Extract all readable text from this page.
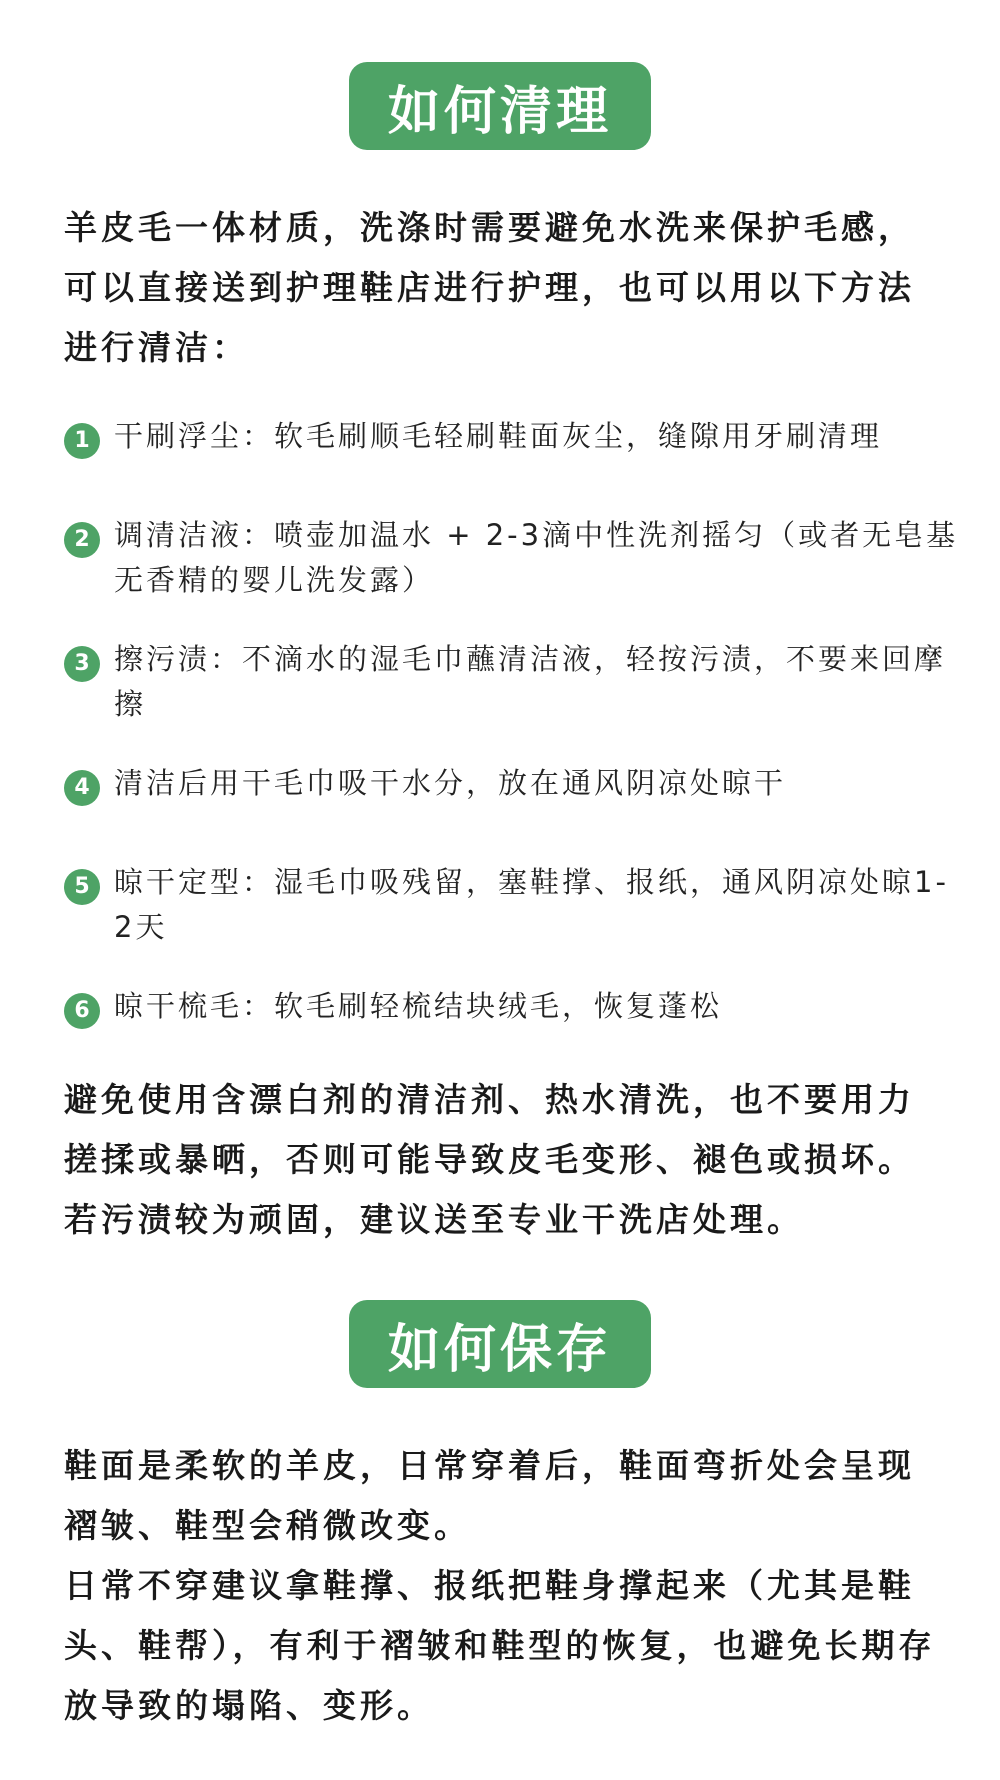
如何清理

羊皮毛一体材质，洗涤时需要避免水洗来保护毛感，可以直接送到护理鞋店进行护理，也可以用以下方法进行清洁：

1 干刷浮尘：软毛刷顺毛轻刷鞋面灰尘，缝隙用牙刷清理
2 调清洁液：喷壶加温水 + 2-3滴中性洗剂摇匀（或者无皂基无香精的婴儿洗发露）
3 擦污渍：不滴水的湿毛巾蘸清洁液，轻按污渍，不要来回摩擦
4 清洁后用干毛巾吸干水分，放在通风阴凉处晾干
5 晾干定型：湿毛巾吸残留，塞鞋撑、报纸，通风阴凉处晾1-2天
6 晾干梳毛：软毛刷轻梳结块绒毛，恢复蓬松

避免使用含漂白剂的清洁剂、热水清洗，也不要用力搓揉或暴晒，否则可能导致皮毛变形、褪色或损坏。若污渍较为顽固，建议送至专业干洗店处理。

如何保存
鞋面是柔软的羊皮，日常穿着后，鞋面弯折处会呈现褶皱、鞋型会稍微改变。
日常不穿建议拿鞋撑、报纸把鞋身撑起来（尤其是鞋头、鞋帮），有利于褶皱和鞋型的恢复，也避免长期存放导致的塌陷、变形。
